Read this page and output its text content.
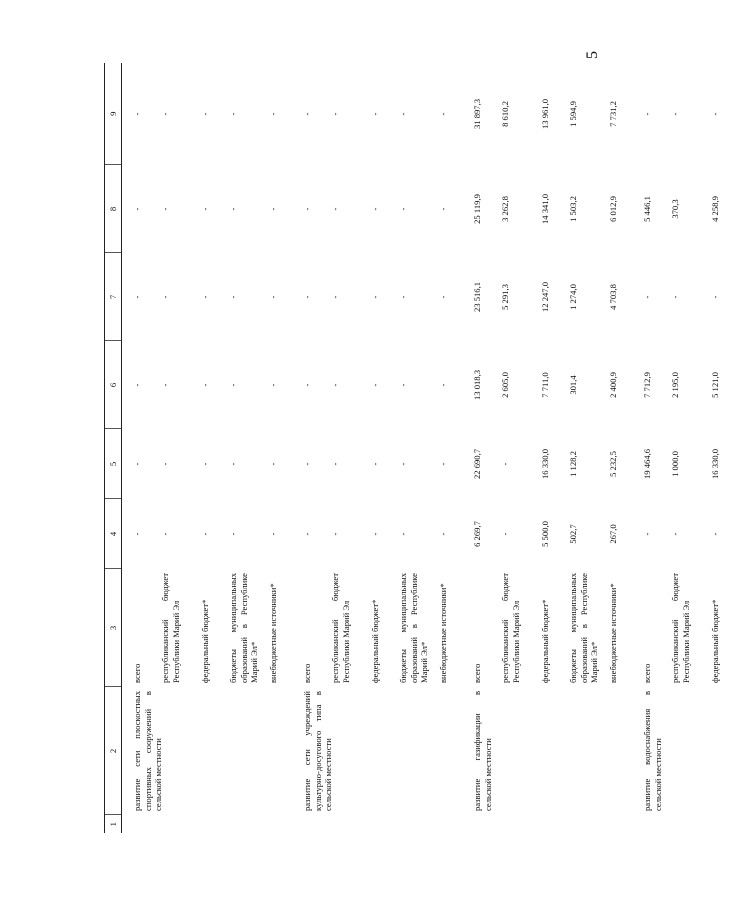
5
1	2	3	4	5	6	7	8	9
	развитие сети плоскостных спортивных сооружений в сельской местности	всего	-	-	-	-	-	-
		республиканский бюджет Республики Марий Эл	-	-	-	-	-	-
		федеральный бюджет*	-	-	-	-	-	-
		бюджеты муниципальных образований в Республике Марий Эл*	-	-	-	-	-	-
		внебюджетные источники*	-	-	-	-	-	-
	развитие сети учреждений культурно-досугового типа в сельской местности	всего	-	-	-	-	-	-
		республиканский бюджет Республики Марий Эл	-	-	-	-	-	-
		федеральный бюджет*	-	-	-	-	-	-
		бюджеты муниципальных образований в Республике Марий Эл*	-	-	-	-	-	-
		внебюджетные источники*	-	-	-	-	-	-
	развитие газификации в сельской местности	всего	6 269,7	22 690,7	13 018,3	23 516,1	25 119,9	31 897,3
		республиканский бюджет Республики Марий Эл	-	-	2 605,0	5 291,3	3 262,8	8 610,2
		федеральный бюджет*	5 500,0	16 330,0	7 711,0	12 247,0	14 341,0	13 961,0
		бюджеты муниципальных образований в Республике Марий Эл*	502,7	1 128,2	301,4	1 274,0	1 503,2	1 594,9
		внебюджетные источники*	267,0	5 232,5	2 400,9	4 703,8	6 012,9	7 731,2
	развитие водоснабжения в сельской местности	всего	-	19 464,6	7 712,9	-	5 446,1	-
		республиканский бюджет Республики Марий Эл	-	1 000,0	2 195,0	-	370,3	-
		федеральный бюджет*	-	16 330,0	5 121,0	-	4 258,9	-
